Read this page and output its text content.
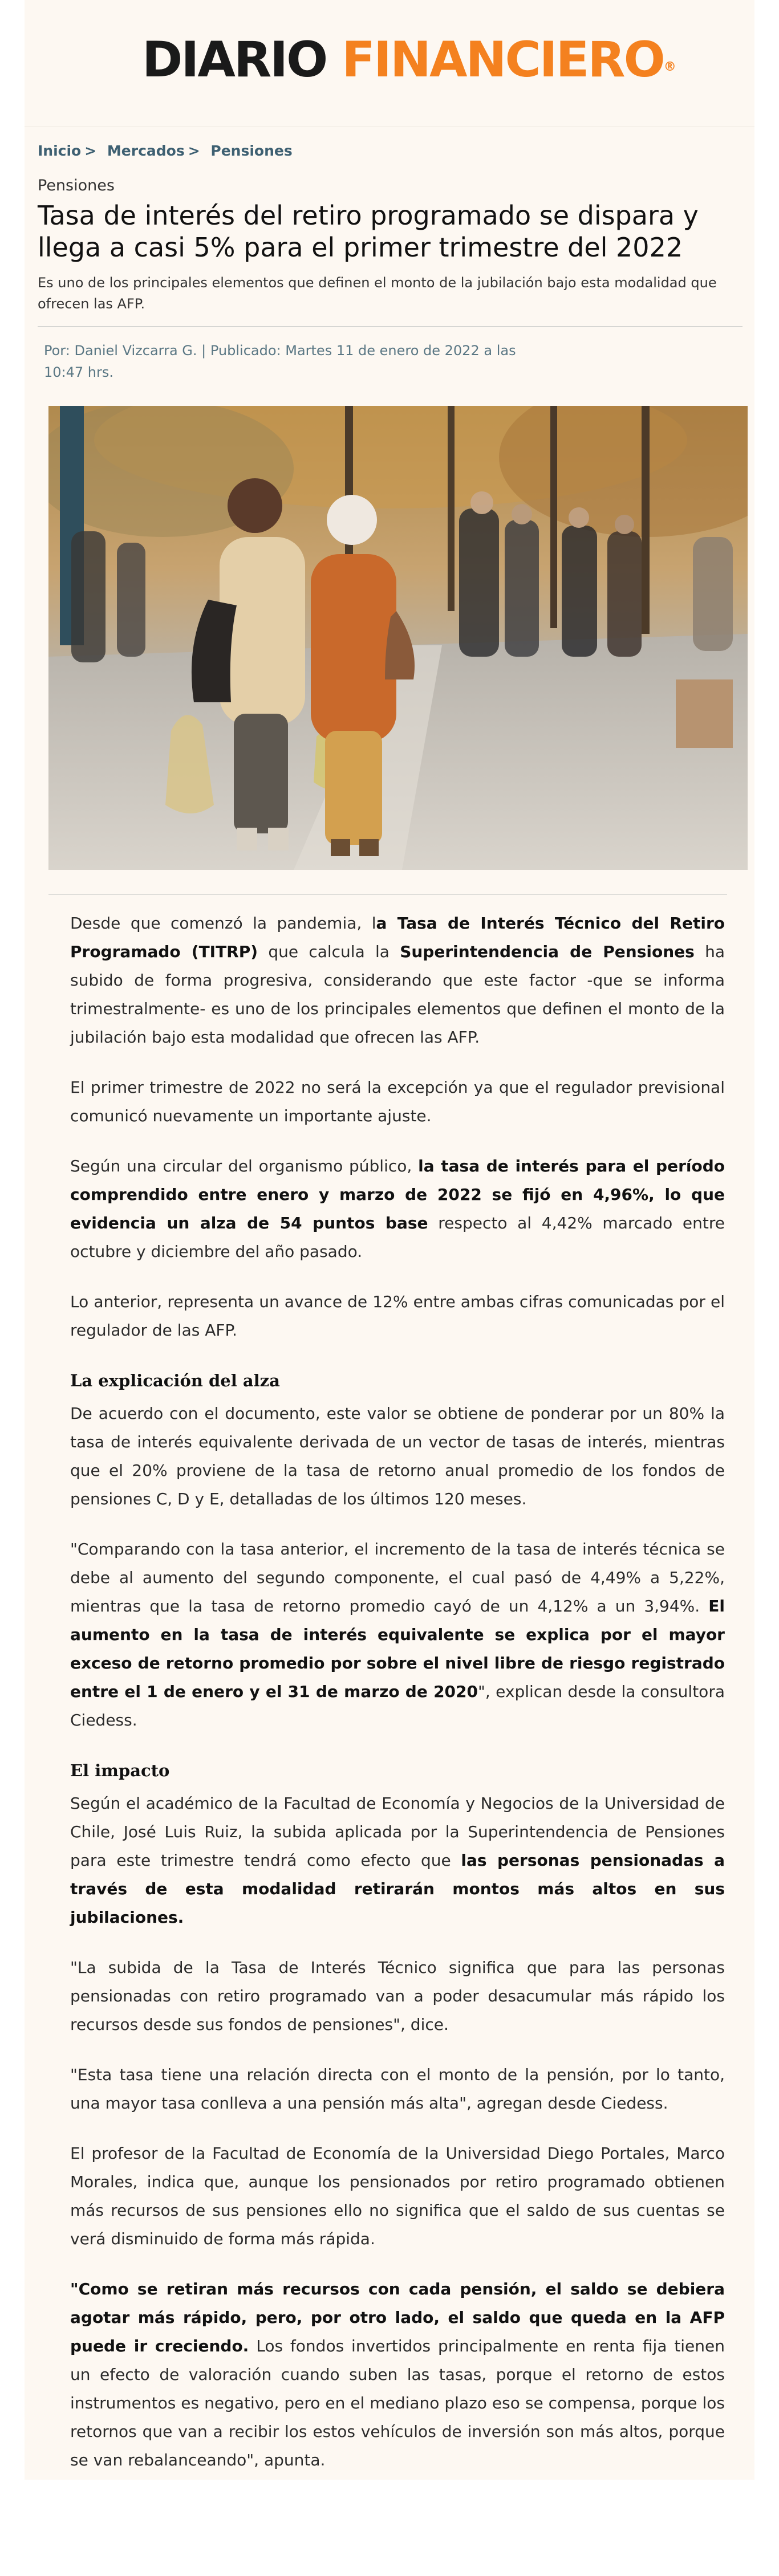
DIARIO FINANCIERO®
Inicio > Mercados > Pensiones
Pensiones
Tasa de interés del retiro programado se dispara y llega a casi 5% para el primer trimestre del 2022

Es uno de los principales elementos que definen el monto de la jubilación bajo esta modalidad que ofrecen las AFP.

Por: Daniel Vizcarra G. | Publicado: Martes 11 de enero de 2022 a las 10:47 hrs.

Desde que comenzó la pandemia, la Tasa de Interés Técnico del Retiro Programado (TITRP) que calcula la Superintendencia de Pensiones ha subido de forma progresiva, considerando que este factor -que se informa trimestralmente- es uno de los principales elementos que definen el monto de la jubilación bajo esta modalidad que ofrecen las AFP.

El primer trimestre de 2022 no será la excepción ya que el regulador previsional comunicó nuevamente un importante ajuste.

Según una circular del organismo público, la tasa de interés para el período comprendido entre enero y marzo de 2022 se fijó en 4,96%, lo que evidencia un alza de 54 puntos base respecto al 4,42% marcado entre octubre y diciembre del año pasado.

Lo anterior, representa un avance de 12% entre ambas cifras comunicadas por el regulador de las AFP.

La explicación del alza

De acuerdo con el documento, este valor se obtiene de ponderar por un 80% la tasa de interés equivalente derivada de un vector de tasas de interés, mientras que el 20% proviene de la tasa de retorno anual promedio de los fondos de pensiones C, D y E, detalladas de los últimos 120 meses.

"Comparando con la tasa anterior, el incremento de la tasa de interés técnica se debe al aumento del segundo componente, el cual pasó de 4,49% a 5,22%, mientras que la tasa de retorno promedio cayó de un 4,12% a un 3,94%. El aumento en la tasa de interés equivalente se explica por el mayor exceso de retorno promedio por sobre el nivel libre de riesgo registrado entre el 1 de enero y el 31 de marzo de 2020", explican desde la consultora Ciedess.

El impacto

Según el académico de la Facultad de Economía y Negocios de la Universidad de Chile, José Luis Ruiz, la subida aplicada por la Superintendencia de Pensiones para este trimestre tendrá como efecto que las personas pensionadas a través de esta modalidad retirarán montos más altos en sus jubilaciones.

"La subida de la Tasa de Interés Técnico significa que para las personas pensionadas con retiro programado van a poder desacumular más rápido los recursos desde sus fondos de pensiones", dice.

"Esta tasa tiene una relación directa con el monto de la pensión, por lo tanto, una mayor tasa conlleva a una pensión más alta", agregan desde Ciedess.

El profesor de la Facultad de Economía de la Universidad Diego Portales, Marco Morales, indica que, aunque los pensionados por retiro programado obtienen más recursos de sus pensiones ello no significa que el saldo de sus cuentas se verá disminuido de forma más rápida.

"Como se retiran más recursos con cada pensión, el saldo se debiera agotar más rápido, pero, por otro lado, el saldo que queda en la AFP puede ir creciendo. Los fondos invertidos principalmente en renta fija tienen un efecto de valoración cuando suben las tasas, porque el retorno de estos instrumentos es negativo, pero en el mediano plazo eso se compensa, porque los retornos que van a recibir los estos vehículos de inversión son más altos, porque se van rebalanceando", apunta.
